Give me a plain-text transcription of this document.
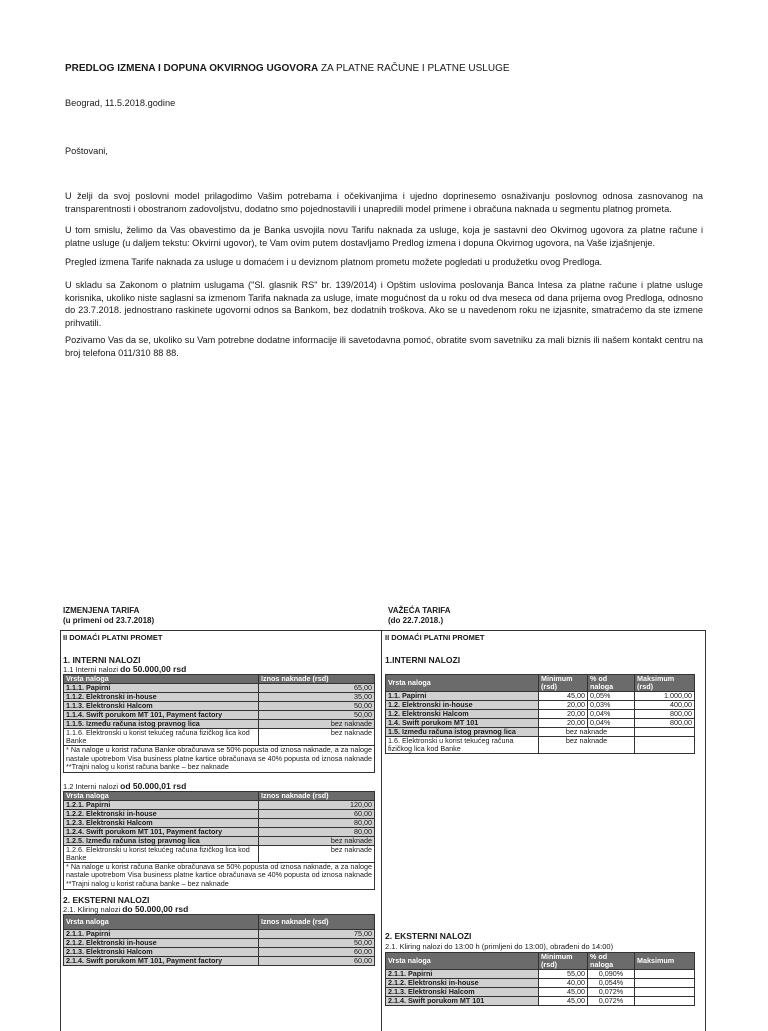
PREDLOG IZMENA I DOPUNA OKVIRNOG UGOVORA ZA PLATNE RAČUNE I PLATNE USLUGE
Beograd, 11.5.2018.godine
Poštovani,
U želji da svoj poslovni model prilagodimo Vašim potrebama i očekivanjima i ujedno doprinesemo osnaživanju poslovnog odnosa zasnovanog na transparentnosti i obostranom zadovoljstvu, dodatno smo pojednostavili i unapredili model primene i obračuna naknada u segmentu platnog prometa.
U tom smislu, želimo da Vas obavestimo da je Banka usvojila novu Tarifu naknada za usluge, koja je sastavni deo Okvirnog ugovora za platne račune i platne usluge (u daljem tekstu: Okvirni ugovor), te Vam ovim putem dostavljamo Predlog izmena i dopuna Okvirnog ugovora, na Vaše izjašnjenje.
Pregled izmena Tarife naknada za usluge u domaćem i u deviznom platnom prometu možete pogledati u produžetku ovog Predloga.
U skladu sa Zakonom o platnim uslugama ("Sl. glasnik RS" br. 139/2014) i Opštim uslovima poslovanja Banca Intesa za platne račune i platne usluge korisnika, ukoliko niste saglasni sa izmenom Tarifa naknada za usluge, imate mogućnost da u roku od dva meseca od dana prijema ovog Predloga, odnosno do 23.7.2018. jednostrano raskinete ugovorni odnos sa Bankom, bez dodatnih troškova. Ako se u navedenom roku ne izjasnite, smatraćemo da ste izmene prihvatili.
Pozivamo Vas da se, ukoliko su Vam potrebne dodatne informacije ili savetodavna pomoć, obratite svom savetniku za mali biznis ili našem kontakt centru na broj telefona 011/310 88 88.
IZMENJENA TARIFA
(u primeni od 23.7.2018)
VAŽEĆA TARIFA
(do 22.7.2018.)
II DOMAĆI PLATNI PROMET
1. INTERNI NALOZI
1.1 Interni nalozi do 50.000,00 rsd
Vrsta naloga	Iznos naknade (rsd)
1.1.1. Papirni	65,00
1.1.2. Elektronski in-house	35,00
1.1.3. Elektronski Halcom	50,00
1.1.4. Swift porukom MT 101, Payment factory	50,00
1.1.5. Između računa istog pravnog lica	bez naknade
1.1.6. Elektronski u korist tekućeg računa fizičkog lica kod Banke	bez naknade
* Na naloge u korist računa Banke obračunava se 50% popusta od iznosa naknade, a za naloge nastale upotrebom Visa business platne kartice obračunava se 40% popusta od iznosa naknade
**Trajni nalog u korist računa banke – bez naknade
1.2 Interni nalozi od 50.000,01 rsd
Vrsta naloga	Iznos naknade (rsd)
1.2.1. Papirni	120,00
1.2.2. Elektronski in-house	60,00
1.2.3. Elektronski Halcom	80,00
1.2.4. Swift porukom MT 101, Payment factory	80,00
1.2.5. Između računa istog pravnog lica	bez naknade
1.2.6. Elektronski u korist tekućeg računa fizičkog lica kod Banke	bez naknade
* Na naloge u korist računa Banke obračunava se 50% popusta od iznosa naknade, a za naloge nastale upotrebom Visa business platne kartice obračunava se 40% popusta od iznosa naknade
**Trajni nalog u korist računa banke – bez naknade
2. EKSTERNI NALOZI
2.1. Kliring nalozi do 50.000,00 rsd
Vrsta naloga	Iznos naknade (rsd)
2.1.1. Papirni	75,00
2.1.2. Elektronski in-house	50,00
2.1.3. Elektronski Halcom	60,00
2.1.4. Swift porukom MT 101, Payment factory	60,00
II DOMAĆI PLATNI PROMET
1.INTERNI NALOZI
Vrsta naloga	Minimum (rsd)	% od naloga	Maksimum (rsd)
1.1. Papirni	45,00	0,05%	1.000,00
1.2. Elektronski in-house	20,00	0,03%	400,00
1.2. Elektronski Halcom	20,00	0,04%	800,00
1.4. Swift porukom MT 101	20,00	0,04%	800,00
1.5. Između računa istog pravnog lica	bez naknade		
1.6. Elektronski u korist tekućeg računa fizičkog lica kod Banke	bez naknade		
2. EKSTERNI NALOZI
2.1. Kliring nalozi do 13:00 h (primljeni do 13:00), obrađeni do 14:00)
Vrsta naloga	Minimum (rsd)	% od naloga	Maksimum
2.1.1. Papirni	55,00	0,090%	
2.1.2. Elektronski in-house	40,00	0,054%	
2.1.3. Elektronski Halcom	45,00	0,072%	
2.1.4. Swift porukom MT 101	45,00	0,072%	
